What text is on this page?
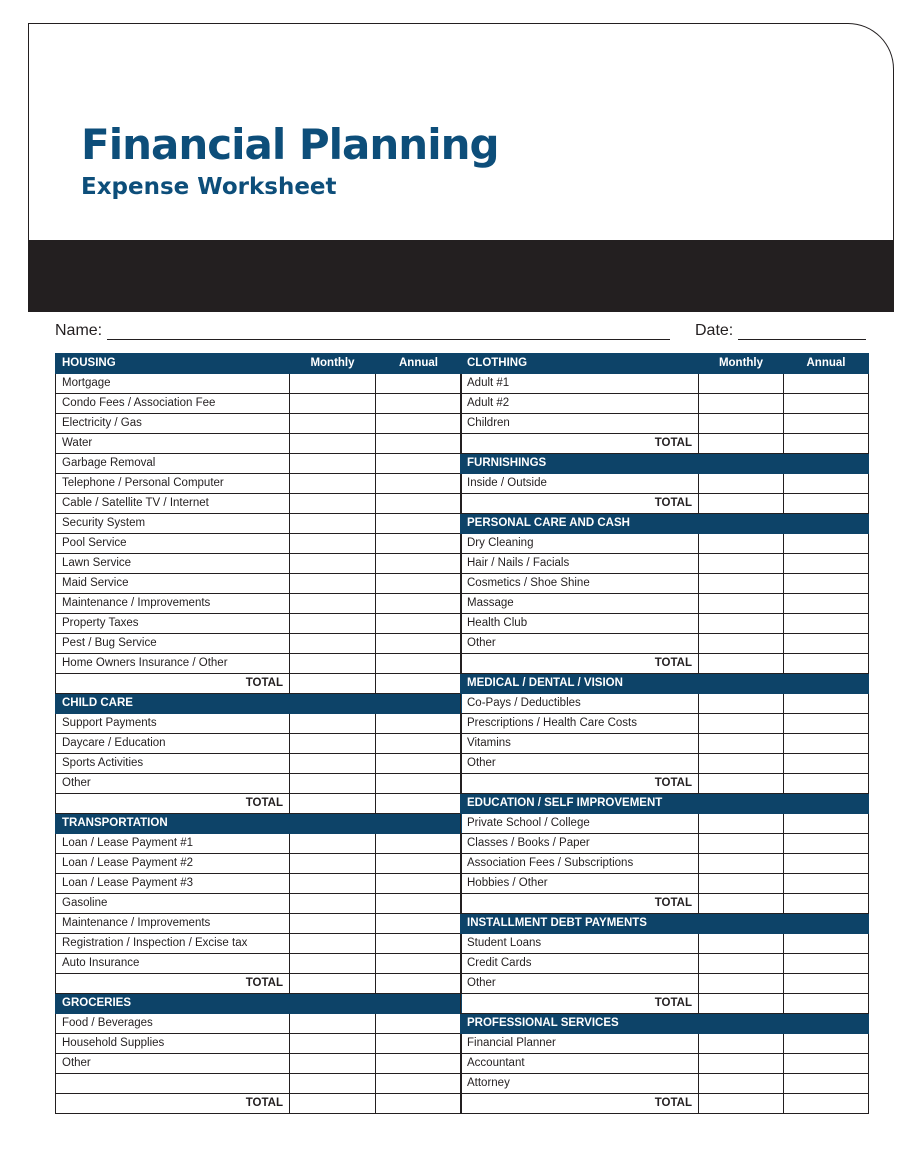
Financial Planning
Expense Worksheet
Name:	Date:
HOUSING	Monthly	Annual
Mortgage		
Condo Fees / Association Fee		
Electricity / Gas		
Water		
Garbage Removal		
Telephone / Personal Computer		
Cable / Satellite TV / Internet		
Security System		
Pool Service		
Lawn Service		
Maid Service		
Maintenance / Improvements		
Property Taxes		
Pest / Bug Service		
Home Owners Insurance / Other		
TOTAL		
CHILD CARE		
Support Payments		
Daycare / Education		
Sports Activities		
Other		
TOTAL		
TRANSPORTATION		
Loan / Lease Payment #1		
Loan / Lease Payment #2		
Loan / Lease Payment #3		
Gasoline		
Maintenance / Improvements		
Registration / Inspection / Excise tax		
Auto Insurance		
TOTAL		
GROCERIES		
Food / Beverages		
Household Supplies		
Other		

TOTAL		
CLOTHING	Monthly	Annual
Adult #1		
Adult #2		
Children		
TOTAL		
FURNISHINGS		
Inside / Outside		
TOTAL		
PERSONAL CARE AND CASH		
Dry Cleaning		
Hair / Nails / Facials		
Cosmetics / Shoe Shine		
Massage		
Health Club		
Other		
TOTAL		
MEDICAL / DENTAL / VISION		
Co-Pays / Deductibles		
Prescriptions / Health Care Costs		
Vitamins		
Other		
TOTAL		
EDUCATION / SELF IMPROVEMENT		
Private School / College		
Classes / Books / Paper		
Association Fees / Subscriptions		
Hobbies / Other		
TOTAL		
INSTALLMENT DEBT PAYMENTS		
Student Loans		
Credit Cards		
Other		
TOTAL		
PROFESSIONAL SERVICES		
Financial Planner		
Accountant		
Attorney		
TOTAL		
